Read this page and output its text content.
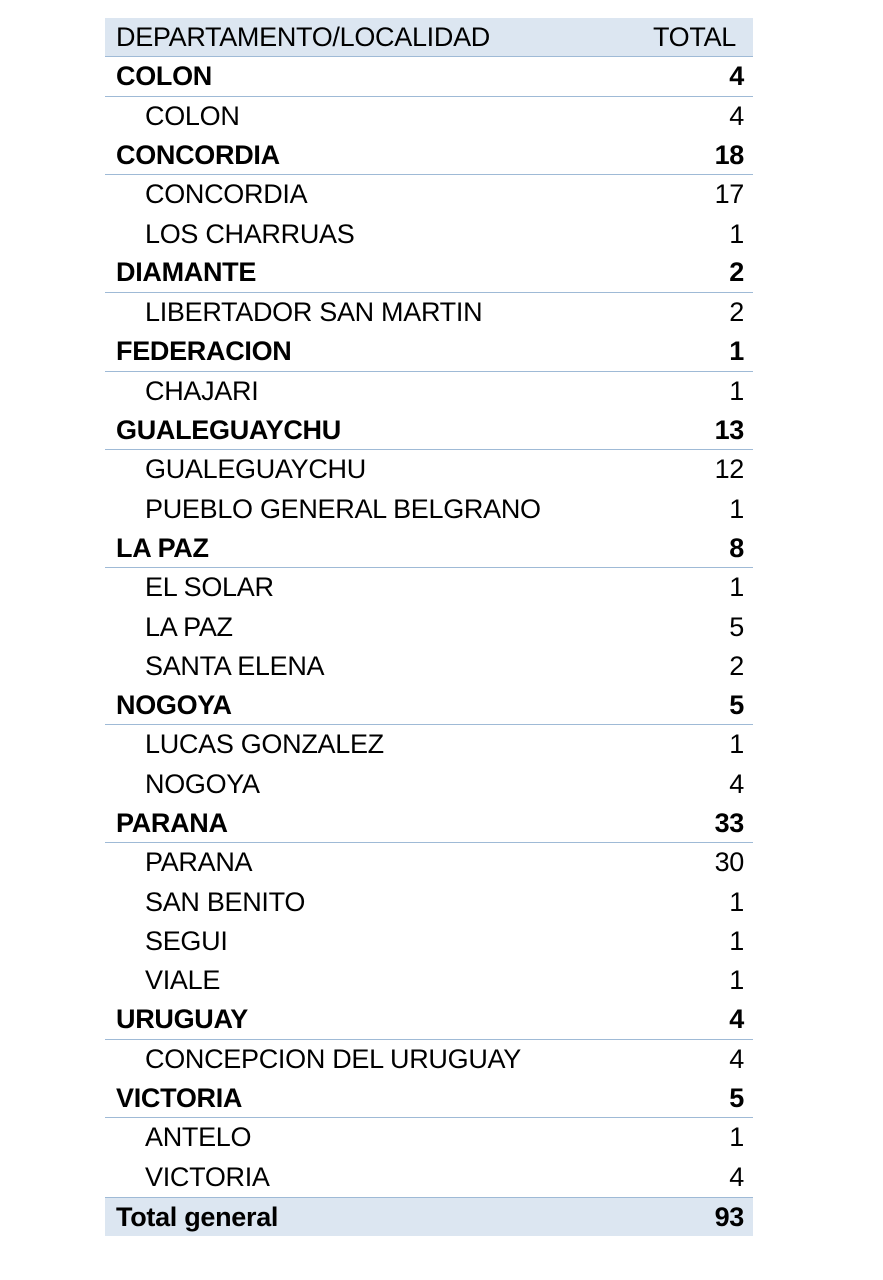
DEPARTAMENTO/LOCALIDAD	TOTAL
COLON	4
COLON	4
CONCORDIA	18
CONCORDIA	17
LOS CHARRUAS	1
DIAMANTE	2
LIBERTADOR SAN MARTIN	2
FEDERACION	1
CHAJARI	1
GUALEGUAYCHU	13
GUALEGUAYCHU	12
PUEBLO GENERAL BELGRANO	1
LA PAZ	8
EL SOLAR	1
LA PAZ	5
SANTA ELENA	2
NOGOYA	5
LUCAS GONZALEZ	1
NOGOYA	4
PARANA	33
PARANA	30
SAN BENITO	1
SEGUI	1
VIALE	1
URUGUAY	4
CONCEPCION DEL URUGUAY	4
VICTORIA	5
ANTELO	1
VICTORIA	4
Total general	93
